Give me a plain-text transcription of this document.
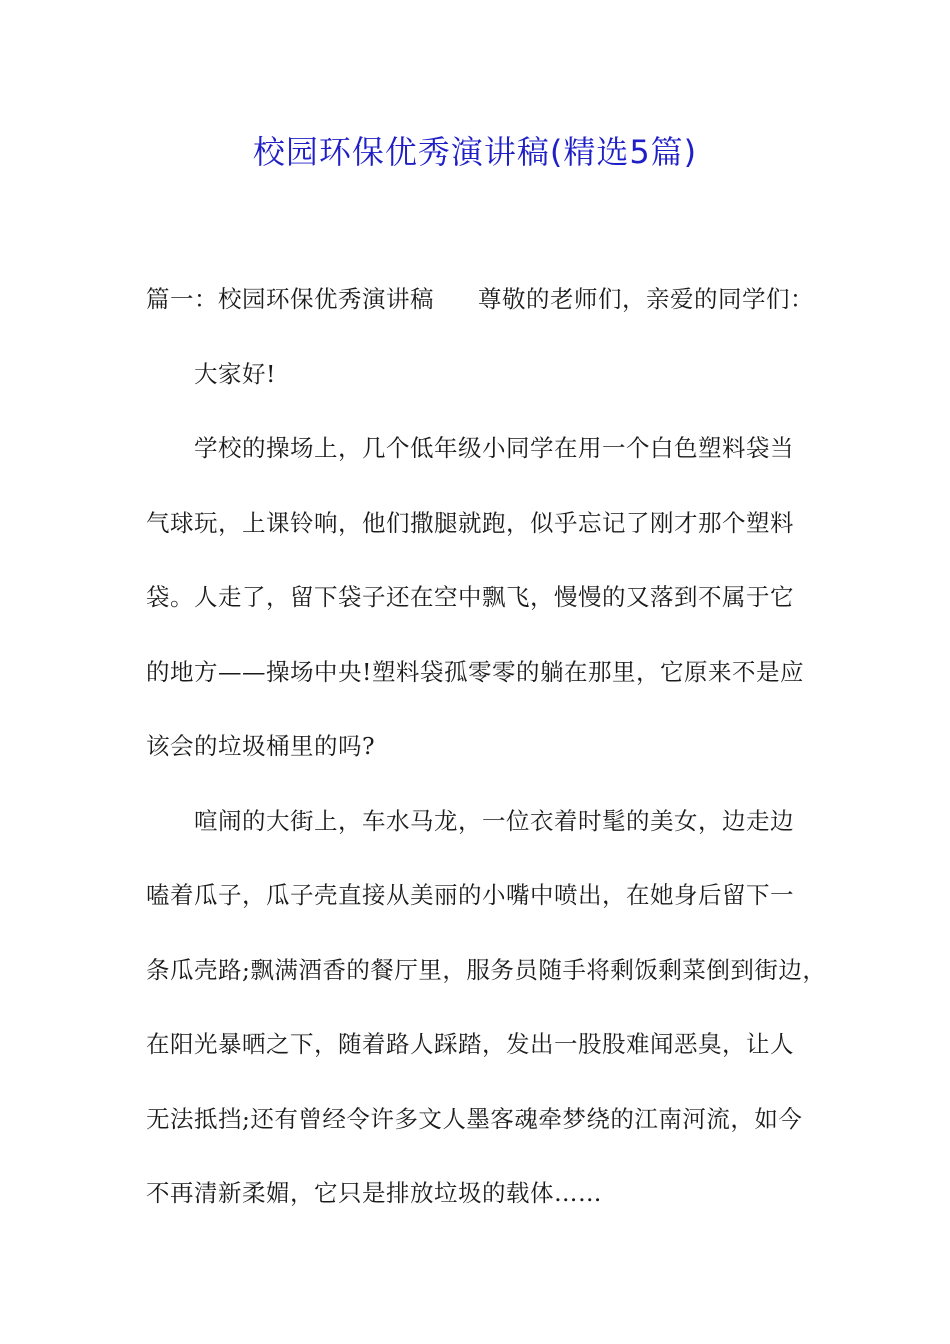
校园环保优秀演讲稿(精选5篇)
篇一：校园环保优秀演讲稿 尊敬的老师们，亲爱的同学们：
大家好!
学校的操场上，几个低年级小同学在用一个白色塑料袋当
气球玩，上课铃响，他们撒腿就跑，似乎忘记了刚才那个塑料
袋。人走了，留下袋子还在空中飘飞，慢慢的又落到不属于它
的地方——操场中央!塑料袋孤零零的躺在那里，它原来不是应
该会的垃圾桶里的吗?
喧闹的大街上，车水马龙，一位衣着时髦的美女，边走边
嗑着瓜子，瓜子壳直接从美丽的小嘴中喷出，在她身后留下一
条瓜壳路;飘满酒香的餐厅里，服务员随手将剩饭剩菜倒到街边，
在阳光暴晒之下，随着路人踩踏，发出一股股难闻恶臭，让人
无法抵挡;还有曾经令许多文人墨客魂牵梦绕的江南河流，如今
不再清新柔媚，它只是排放垃圾的载体……
